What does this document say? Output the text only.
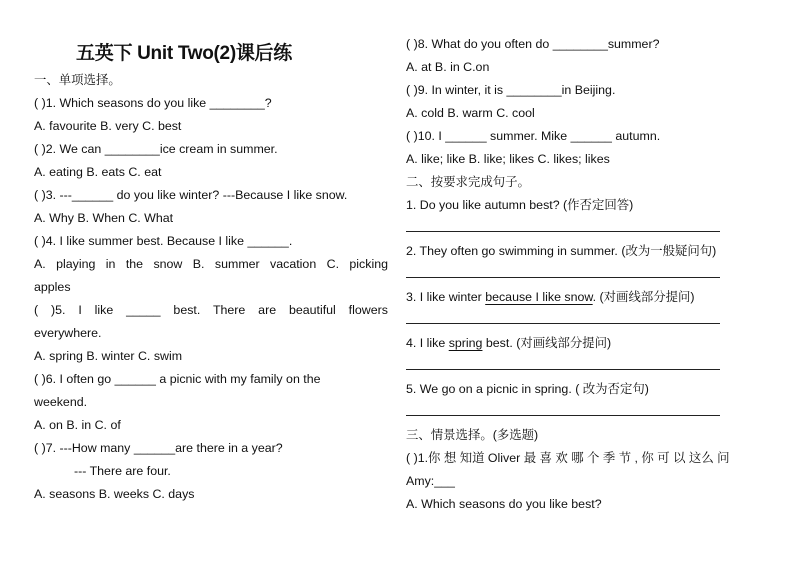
五英下 Unit Two(2)课后练
一、单项选择。
( )1. Which seasons do you like ________?
A. favourite B. very C. best
( )2. We can ________ice cream in summer.
A. eating B. eats C. eat
( )3. ---______ do you like winter? ---Because I like snow.
A. Why B. When C. What
( )4. I like summer best. Because I like ______.
A. playing in the snow B. summer vacation C. picking
apples
( )5. I like _____ best. There are beautiful flowers
everywhere.
A. spring B. winter C. swim
( )6. I often go ______ a picnic with my family on the
weekend.
A. on B. in C. of
( )7. ---How many ______are there in a year?
--- There are four.
A. seasons B. weeks C. days
( )8. What do you often do ________summer?
A. at B. in C.on
( )9. In winter, it is ________in Beijing.
A. cold B. warm C. cool
( )10. I ______ summer. Mike ______ autumn.
A. like; like B. like; likes C. likes; likes
二、按要求完成句子。
1. Do you like autumn best? (作否定回答)
2. They often go swimming in summer. (改为一般疑问句)
3. I like winter because I like snow. (对画线部分提问)
4. I like spring best. (对画线部分提问)
5. We go on a picnic in spring. ( 改为否定句)
三、情景选择。(多选题)
( )1.你 想 知道 Oliver 最 喜 欢 哪 个 季 节 , 你 可 以 这么 问
Amy:___
A. Which seasons do you like best?
